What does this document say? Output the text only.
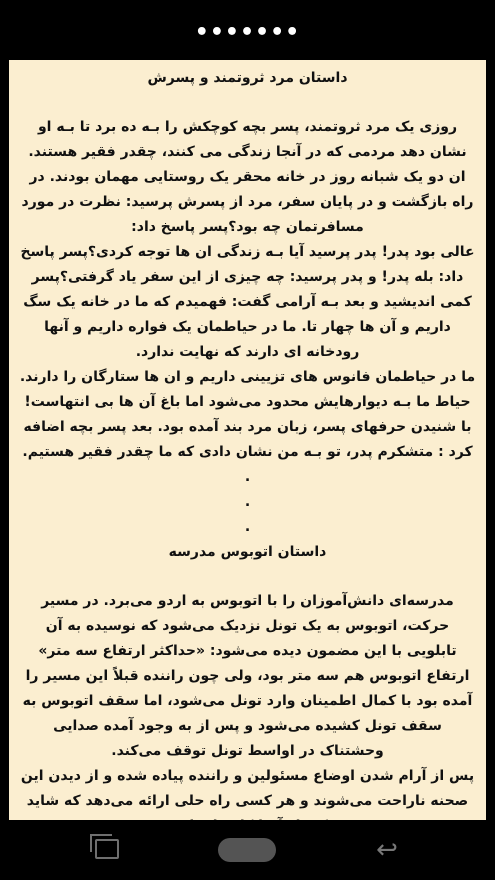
•••••••

داستان مرد ثروتمند و پسرش

روزی یک مرد ثروتمند، پسر بچه کوچکش را بـه ده برد تا بـه او نشان دهد مردمی که در آنجا زندگی می کنند، چقدر فقیر هستند.

ان دو یک شبانه روز در خانه محقر یک روستایی مهمان بودند. در راه بازگشت و در پایان سفر، مرد از پسرش پرسید: نظرت در مورد مسافرتمان چه بود؟پسر پاسخ داد:

عالی بود پدر! پدر پرسید آیا بـه زندگی ان ها توجه کردی؟پسر پاسخ داد: بله پدر! و پدر پرسید: چه چیزی از این سفر یاد گرفتی؟پسر کمی اندیشید و بعد بـه آرامی گفت: فهمیدم که ما در خانه یک سگ داریم و آن ها چهار تا. ما در حیاطمان یک فواره داریم و آنها رودخانه ای دارند که نهایت ندارد.

ما در حیاطمان فانوس های تزیینی داریم و ان ها ستارگان را دارند.

حیاط ما بـه دیوارهایش محدود می‌شود اما باغ آن ها بی انتهاست! با شنیدن حرفهای پسر، زبان مرد بند آمده بود. بعد پسر بچه اضافه کرد : متشکرم پدر، تو بـه من نشان دادی که ما چقدر فقیر هستیم.

.
.
.

داستان اتوبوس مدرسه

مدرسه‌ای دانش‌آموزان را با اتوبوس به اردو می‌برد. در مسیر حرکت، اتوبوس به یک تونل نزدیک می‌شود که نوسیده به آن تابلویی با این مضمون دیده می‌شود: «حداکثر ارتفاع سه متر»

ارتفاع اتوبوس هم سه متر بود، ولی چون راننده قبلاً این مسیر را آمده بود با کمال اطمینان وارد تونل می‌شود، اما سقف اتوبوس به سقف تونل کشیده می‌شود و پس از به وجود آمده صدایی وحشتناک در اواسط تونل توقف می‌کند.

پس از آرام شدن اوضاع مسئولین و راننده پیاده شده و از دیدن این صحنه ناراحت می‌شوند و هر کسی راه حلی ارائه می‌دهد که شاید

↩
